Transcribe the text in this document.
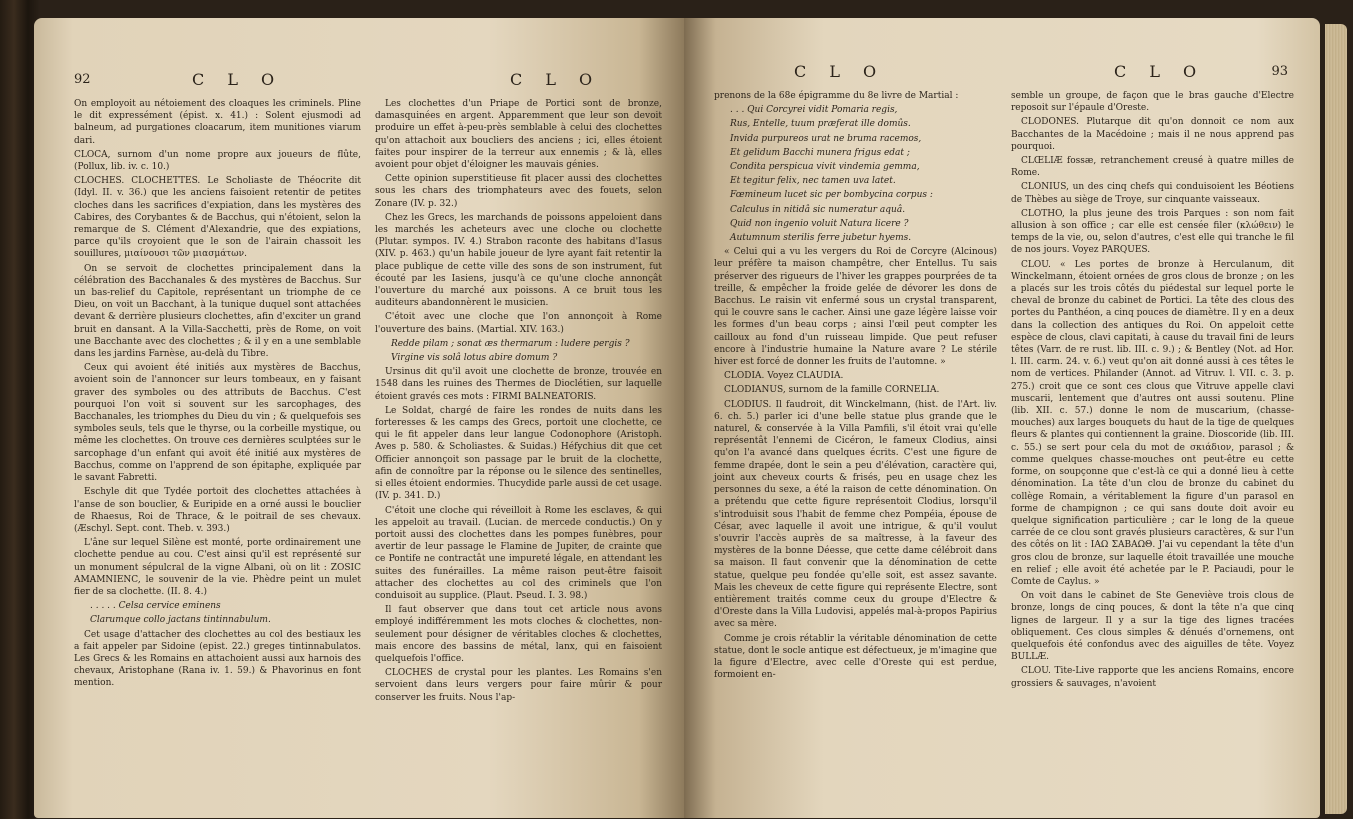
92	C L O	C L O

On employoit au nétoiement des cloaques les criminels. Pline le dit expressément (épist. x. 41.) : Solent ejusmodi ad balneum, ad purgationes cloacarum, item munitiones viarum dari.

CLOCA, surnom d'un nome propre aux joueurs de flûte, (Pollux, lib. iv. c. 10.)

CLOCHES. CLOCHETTES. Le Scholiaste de Théocrite dit (Idyl. II. v. 36.) que les anciens faisoient retentir de petites cloches dans les sacrifices d'expiation, dans les mystères des Cabires, des Corybantes & de Bacchus, qui n'étoient, selon la remarque de S. Clément d'Alexandrie, que des expiations, parce qu'ils croyoient que le son de l'airain chassoit les souillures, μιαίνουσι τῶν μιασμάτων.

On se servoit de clochettes principalement dans la célébration des Bacchanales & des mystères de Bacchus. Sur un bas-relief du Capitole, représentant un triomphe de ce Dieu, on voit un Bacchant, à la tunique duquel sont attachées devant & derrière plusieurs clochettes, afin d'exciter un grand bruit en dansant. A la Villa-Sacchetti, près de Rome, on voit une Bacchante avec des clochettes ; & il y en a une semblable dans les jardins Farnèse, au-delà du Tibre.

Ceux qui avoient été initiés aux mystères de Bacchus, avoient soin de l'annoncer sur leurs tombeaux, en y faisant graver des symboles ou des attributs de Bacchus. C'est pourquoi l'on voit si souvent sur les sarcophages, des Bacchanales, les triomphes du Dieu du vin ; & quelquefois ses symboles seuls, tels que le thyrse, ou la corbeille mystique, ou même les clochettes. On trouve ces dernières sculptées sur le sarcophage d'un enfant qui avoit été initié aux mystères de Bacchus, comme on l'apprend de son épitaphe, expliquée par le savant Fabretti.

Eschyle dit que Tydée portoit des clochettes attachées à l'anse de son bouclier, & Euripide en a orné aussi le bouclier de Rhaesus, Roi de Thrace, & le poitrail de ses chevaux. (Æschyl. Sept. cont. Theb. v. 393.)

L'âne sur lequel Silène est monté, porte ordinairement une clochette pendue au cou. C'est ainsi qu'il est représenté sur un monument sépulcral de la vigne Albani, où on lit : ZOSIC AMAMNIENC, le souvenir de la vie. Phèdre peint un mulet fier de sa clochette. (II. 8. 4.)

. . . . . Celsa cervice eminens

Clarumque collo jactans tintinnabulum.

Cet usage d'attacher des clochettes au col des bestiaux les a fait appeler par Sidoine (epist. 22.) greges tintinnabulatos. Les Grecs & les Romains en attachoient aussi aux harnois des chevaux, Aristophane (Rana iv. 1. 59.) & Phavorinus en font mention.

Les clochettes d'un Priape de Portici sont de bronze, damasquinées en argent. Apparemment que leur son devoit produire un effet à-peu-près semblable à celui des clochettes qu'on attachoit aux boucliers des anciens ; ici, elles étoient faites pour inspirer de la terreur aux ennemis ; & là, elles avoient pour objet d'éloigner les mauvais génies.

Cette opinion superstitieuse fit placer aussi des clochettes sous les chars des triomphateurs avec des fouets, selon Zonare (IV. p. 32.)

Chez les Grecs, les marchands de poissons appeloient dans les marchés les acheteurs avec une cloche ou clochette (Plutar. sympos. IV. 4.) Strabon raconte des habitans d'Iasus (XIV. p. 463.) qu'un habile joueur de lyre ayant fait retentir la place publique de cette ville des sons de son instrument, fut écouté par les Iasiens, jusqu'à ce qu'une cloche annonçât l'ouverture du marché aux poissons. A ce bruit tous les auditeurs abandonnèrent le musicien.

C'étoit avec une cloche que l'on annonçoit à Rome l'ouverture des bains. (Martial. XIV. 163.)

Redde pilam ; sonat æs thermarum : ludere pergis ?

Virgine vis solâ lotus abire domum ?

Ursinus dit qu'il avoit une clochette de bronze, trouvée en 1548 dans les ruines des Thermes de Dioclétien, sur laquelle étoient gravés ces mots : FIRMI BALNEATORIS.

Le Soldat, chargé de faire les rondes de nuits dans les forteresses & les camps des Grecs, portoit une clochette, ce qui le fit appeler dans leur langue Codonophore (Aristoph. Aves p. 580. & Scholiastes. & Suidas.) Héfychius dit que cet Officier annonçoit son passage par le bruit de la clochette, afin de connoître par la réponse ou le silence des sentinelles, si elles étoient endormies. Thucydide parle aussi de cet usage. (IV. p. 341. D.)

C'étoit une cloche qui réveilloit à Rome les esclaves, & qui les appeloit au travail. (Lucian. de mercede conductis.) On y portoit aussi des clochettes dans les pompes funèbres, pour avertir de leur passage le Flamine de Jupiter, de crainte que ce Pontife ne contractât une impureté légale, en attendant les suites des funérailles. La même raison peut-être faisoit attacher des clochettes au col des criminels que l'on conduisoit au supplice. (Plaut. Pseud. I. 3. 98.)

Il faut observer que dans tout cet article nous avons employé indifféremment les mots cloches & clochettes, non-seulement pour désigner de véritables cloches & clochettes, mais encore des bassins de métal, lanx, qui en faisoient quelquefois l'office.

CLOCHES de crystal pour les plantes. Les Romains s'en servoient dans leurs vergers pour faire mûrir & pour conserver les fruits. Nous l'ap-

C L O	C L O	93

prenons de la 68e épigramme du 8e livre de Martial :

. . . Qui Corcyrei vidit Pomaria regis,

Rus, Entelle, tuum præferat ille domûs.

Invida purpureos urat ne bruma racemos,

Et gelidum Bacchi munera frigus edat ;

Condita perspicua vivit vindemia gemma,

Et tegitur felix, nec tamen uva latet.

Fœmineum lucet sic per bombycina corpus :

Calculus in nitidâ sic numeratur aquâ.

Quid non ingenio voluit Natura licere ?

Autumnum sterilis ferre jubetur hyems.

« Celui qui a vu les vergers du Roi de Corcyre (Alcinous) leur préfère ta maison champêtre, cher Entellus. Tu sais préserver des rigueurs de l'hiver les grappes pourprées de ta treille, & empêcher la froide gelée de dévorer les dons de Bacchus. Le raisin vit enfermé sous un crystal transparent, qui le couvre sans le cacher. Ainsi une gaze légère laisse voir les formes d'un beau corps ; ainsi l'œil peut compter les cailloux au fond d'un ruisseau limpide. Que peut refuser encore à l'industrie humaine la Nature avare ? Le stérile hiver est forcé de donner les fruits de l'automne. »

CLODIA. Voyez CLAUDIA.

CLODIANUS, surnom de la famille CORNELIA.

CLODIUS. Il faudroit, dit Winckelmann, (hist. de l'Art. liv. 6. ch. 5.) parler ici d'une belle statue plus grande que le naturel, & conservée à la Villa Pamfili, s'il étoit vrai qu'elle représentât l'ennemi de Cicéron, le fameux Clodius, ainsi qu'on l'a avancé dans quelques écrits. C'est une figure de femme drapée, dont le sein a peu d'élévation, caractère qui, joint aux cheveux courts & frisés, peu en usage chez les personnes du sexe, a été la raison de cette dénomination. On a prétendu que cette figure représentoit Clodius, lorsqu'il s'introduisit sous l'habit de femme chez Pompéia, épouse de César, avec laquelle il avoit une intrigue, & qu'il voulut s'ouvrir l'accès auprès de sa maîtresse, à la faveur des mystères de la bonne Déesse, que cette dame célébroit dans sa maison. Il faut convenir que la dénomination de cette statue, quelque peu fondée qu'elle soit, est assez savante. Mais les cheveux de cette figure qui représente Electre, sont entièrement traités comme ceux du groupe d'Electre & d'Oreste dans la Villa Ludovisi, appelés mal-à-propos Papirius avec sa mère.

Comme je crois rétablir la véritable dénomination de cette statue, dont le socle antique est défectueux, je m'imagine que la figure d'Electre, avec celle d'Oreste qui est perdue, formoient en-

semble un groupe, de façon que le bras gauche d'Electre reposoit sur l'épaule d'Oreste.

CLODONES. Plutarque dit qu'on donnoit ce nom aux Bacchantes de la Macédoine ; mais il ne nous apprend pas pourquoi.

CLŒLIÆ fossæ, retranchement creusé à quatre milles de Rome.

CLONIUS, un des cinq chefs qui conduisoient les Béotiens de Thèbes au siège de Troye, sur cinquante vaisseaux.

CLOTHO, la plus jeune des trois Parques : son nom fait allusion à son office ; car elle est censée filer (κλώθειν) le temps de la vie, ou, selon d'autres, c'est elle qui tranche le fil de nos jours. Voyez PARQUES.

CLOU. « Les portes de bronze à Herculanum, dit Winckelmann, étoient ornées de gros clous de bronze ; on les a placés sur les trois côtés du piédestal sur lequel porte le cheval de bronze du cabinet de Portici. La tête des clous des portes du Panthéon, a cinq pouces de diamètre. Il y en a deux dans la collection des antiques du Roi. On appeloit cette espèce de clous, clavi capitati, à cause du travail fini de leurs têtes (Varr. de re rust. lib. III. c. 9.) ; & Bentley (Not. ad Hor. l. III. carm. 24. v. 6.) veut qu'on ait donné aussi à ces têtes le nom de vertices. Philander (Annot. ad Vitruv. l. VII. c. 3. p. 275.) croit que ce sont ces clous que Vitruve appelle clavi muscarii, lentement que d'autres ont aussi soutenu. Pline (lib. XII. c. 57.) donne le nom de muscarium, (chasse-mouches) aux larges bouquets du haut de la tige de quelques fleurs & plantes qui contiennent la graine. Dioscoride (lib. III. c. 55.) se sert pour cela du mot de σκιάδιον, parasol ; & comme quelques chasse-mouches ont peut-être eu cette forme, on soupçonne que c'est-là ce qui a donné lieu à cette dénomination. La tête d'un clou de bronze du cabinet du collège Romain, a véritablement la figure d'un parasol en forme de champignon ; ce qui sans doute doit avoir eu quelque signification particulière ; car le long de la queue carrée de ce clou sont gravés plusieurs caractères, & sur l'un des côtés on lit : IAΩ ΣABAΩΘ. J'ai vu cependant la tête d'un gros clou de bronze, sur laquelle étoit travaillée une mouche en relief ; elle avoit été achetée par le P. Paciaudi, pour le Comte de Caylus. »

On voit dans le cabinet de Ste Geneviève trois clous de bronze, longs de cinq pouces, & dont la tête n'a que cinq lignes de largeur. Il y a sur la tige des lignes tracées obliquement. Ces clous simples & dénués d'ornemens, ont quelquefois été confondus avec des aiguilles de tête. Voyez BULLÆ.

CLOU. Tite-Live rapporte que les anciens Romains, encore grossiers & sauvages, n'avoient
